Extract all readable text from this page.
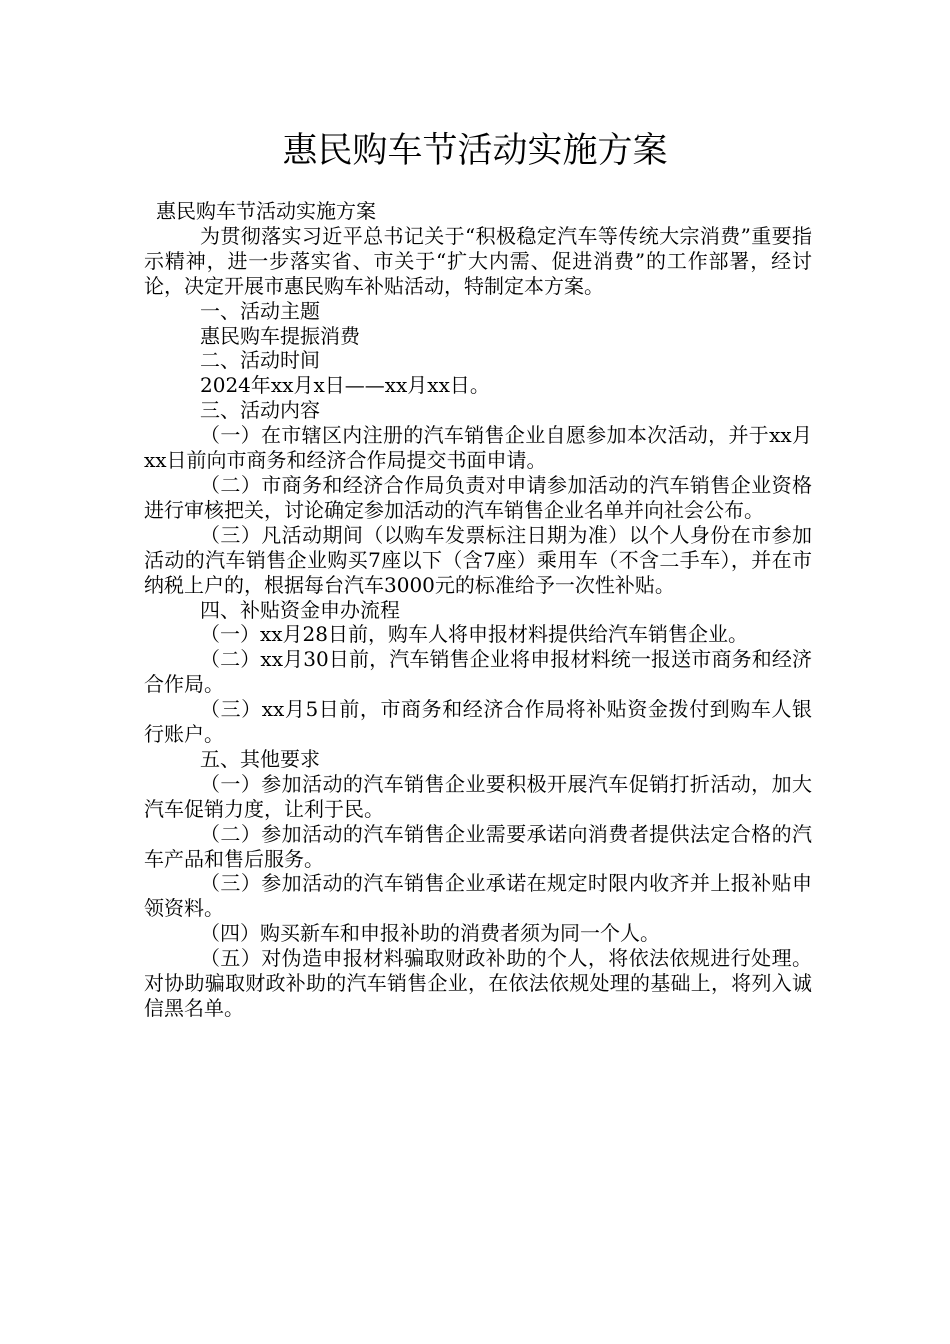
惠民购车节活动实施方案

惠民购车节活动实施方案

为贯彻落实习近平总书记关于“积极稳定汽车等传统大宗消费”重要指示精神，进一步落实省、市关于“扩大内需、促进消费”的工作部署，经讨论，决定开展市惠民购车补贴活动，特制定本方案。

一、活动主题

惠民购车提振消费

二、活动时间

2024年xx月x日——xx月xx日。

三、活动内容

（一）在市辖区内注册的汽车销售企业自愿参加本次活动，并于xx月xx日前向市商务和经济合作局提交书面申请。

（二）市商务和经济合作局负责对申请参加活动的汽车销售企业资格进行审核把关，讨论确定参加活动的汽车销售企业名单并向社会公布。

（三）凡活动期间（以购车发票标注日期为准）以个人身份在市参加活动的汽车销售企业购买7座以下（含7座）乘用车（不含二手车），并在市纳税上户的，根据每台汽车3000元的标准给予一次性补贴。

四、补贴资金申办流程

（一）xx月28日前，购车人将申报材料提供给汽车销售企业。

（二）xx月30日前，汽车销售企业将申报材料统一报送市商务和经济合作局。

（三）xx月5日前，市商务和经济合作局将补贴资金拨付到购车人银行账户。

五、其他要求

（一）参加活动的汽车销售企业要积极开展汽车促销打折活动，加大汽车促销力度，让利于民。

（二）参加活动的汽车销售企业需要承诺向消费者提供法定合格的汽车产品和售后服务。

（三）参加活动的汽车销售企业承诺在规定时限内收齐并上报补贴申领资料。

（四）购买新车和申报补助的消费者须为同一个人。

（五）对伪造申报材料骗取财政补助的个人，将依法依规进行处理。对协助骗取财政补助的汽车销售企业，在依法依规处理的基础上，将列入诚信黑名单。
